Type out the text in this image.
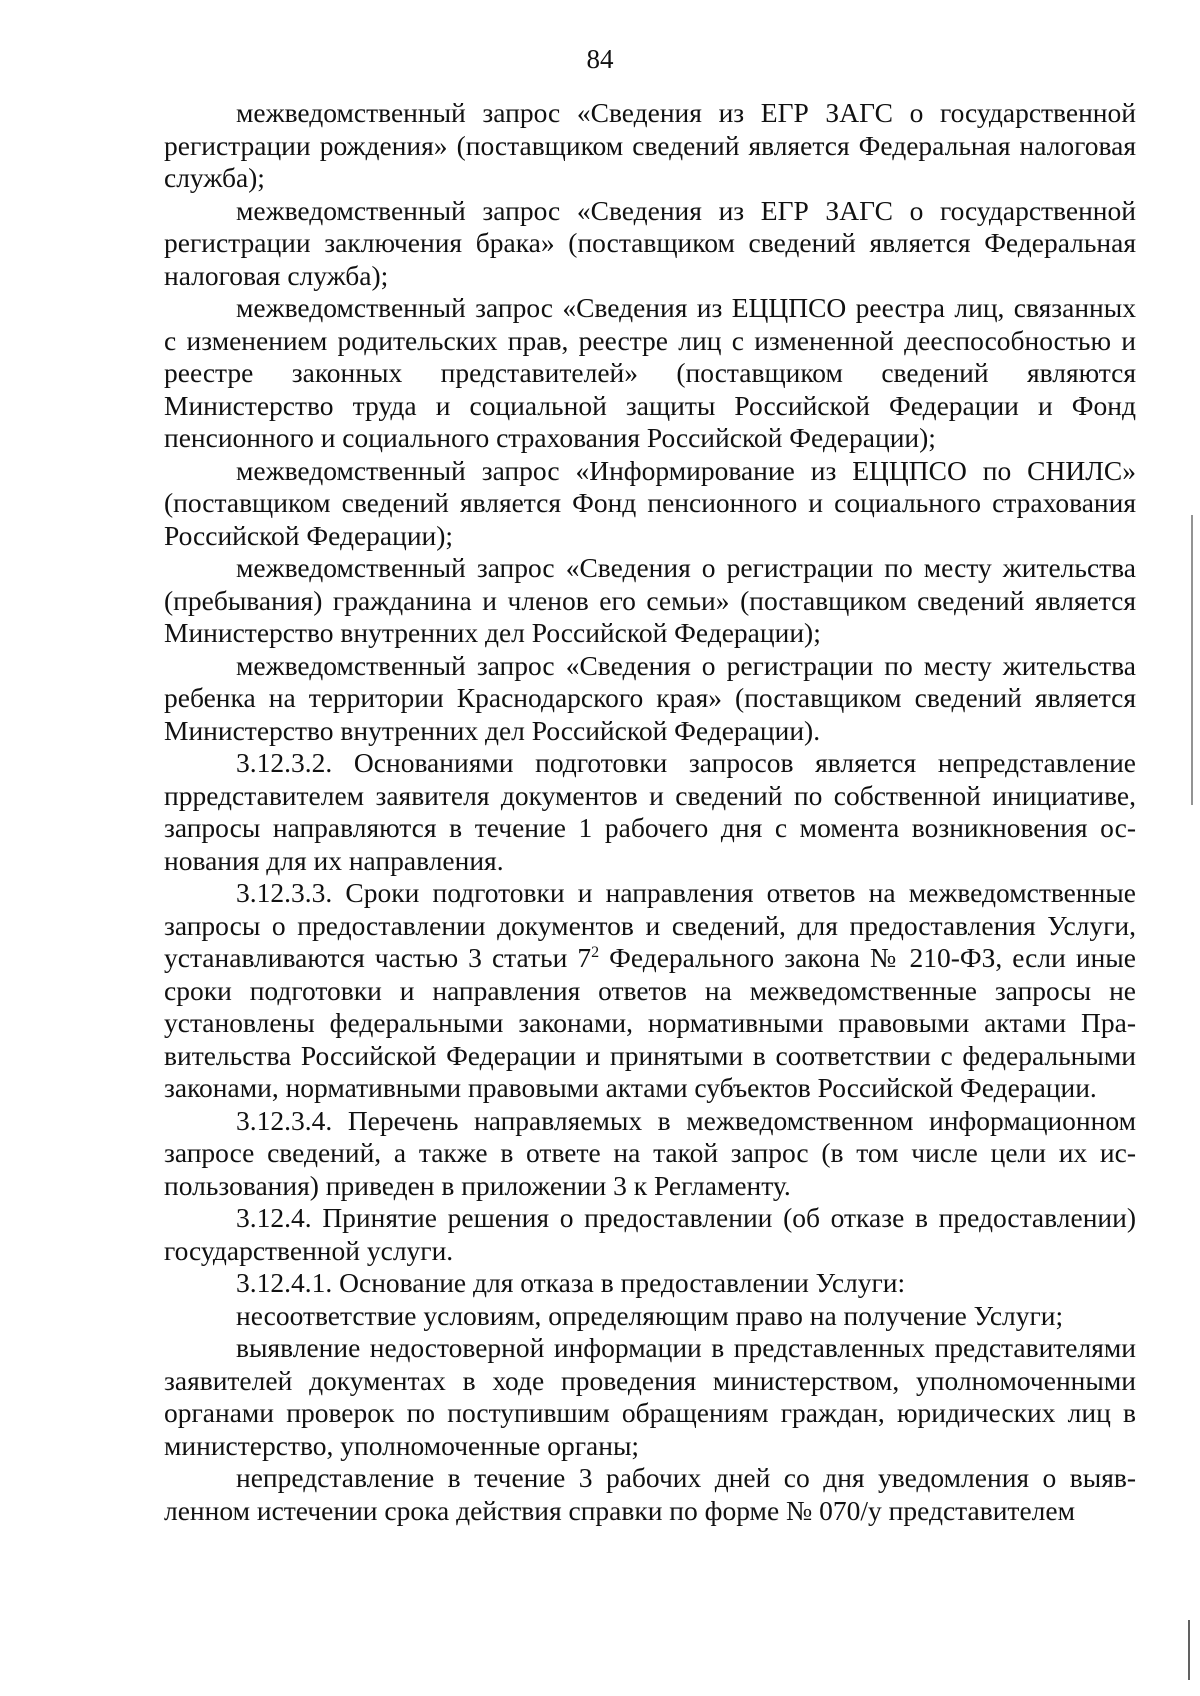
84

межведомственный запрос «Сведения из ЕГР ЗАГС о государственной регистрации рождения» (поставщиком сведений является Федеральная налоговая служба);

межведомственный запрос «Сведения из ЕГР ЗАГС о государственной регистрации заключения брака» (поставщиком сведений является Федеральная налоговая служба);

межведомственный запрос «Сведения из ЕЦЦПСО реестра лиц, связанных с изменением родительских прав, реестре лиц с измененной дееспособностью и реестре законных представителей» (поставщиком сведений являются Министерство труда и социальной защиты Российской Федерации и Фонд пенсионного и социального страхования Российской Федерации);

межведомственный запрос «Информирование из ЕЦЦПСО по СНИЛС» (поставщиком сведений является Фонд пенсионного и социального страхования Российской Федерации);

межведомственный запрос «Сведения о регистрации по месту жительства (пребывания) гражданина и членов его семьи» (поставщиком сведений является Министерство внутренних дел Российской Федерации);

межведомственный запрос «Сведения о регистрации по месту жительства ребенка на территории Краснодарского края» (поставщиком сведений является Министерство внутренних дел Российской Федерации).

3.12.3.2. Основаниями подготовки запросов является непредставление прредставителем заявителя документов и сведений по собственной инициативе, запросы направляются в течение 1 рабочего дня с момента возникновения основания для их направления.

3.12.3.3. Сроки подготовки и направления ответов на межведомственные запросы о предоставлении документов и сведений, для предоставления Услуги, устанавливаются частью 3 статьи $7^2$ Федерального закона № 210-ФЗ, если иные сроки подготовки и направления ответов на межведомственные запросы не установлены федеральными законами, нормативными правовыми актами Правительства Российской Федерации и принятыми в соответствии с федеральными законами, нормативными правовыми актами субъектов Российской Федерации.

3.12.3.4. Перечень направляемых в межведомственном информационном запросе сведений, а также в ответе на такой запрос (в том числе цели их использования) приведен в приложении 3 к Регламенту.

3.12.4. Принятие решения о предоставлении (об отказе в предоставлении) государственной услуги.

3.12.4.1. Основание для отказа в предоставлении Услуги:

несоответствие условиям, определяющим право на получение Услуги;

выявление недостоверной информации в представленных представителями заявителей документах в ходе проведения министерством, уполномоченными органами проверок по поступившим обращениям граждан, юридических лиц в министерство, уполномоченные органы;

непредставление в течение 3 рабочих дней со дня уведомления о выявленном истечении срока действия справки по форме № 070/у представителем
